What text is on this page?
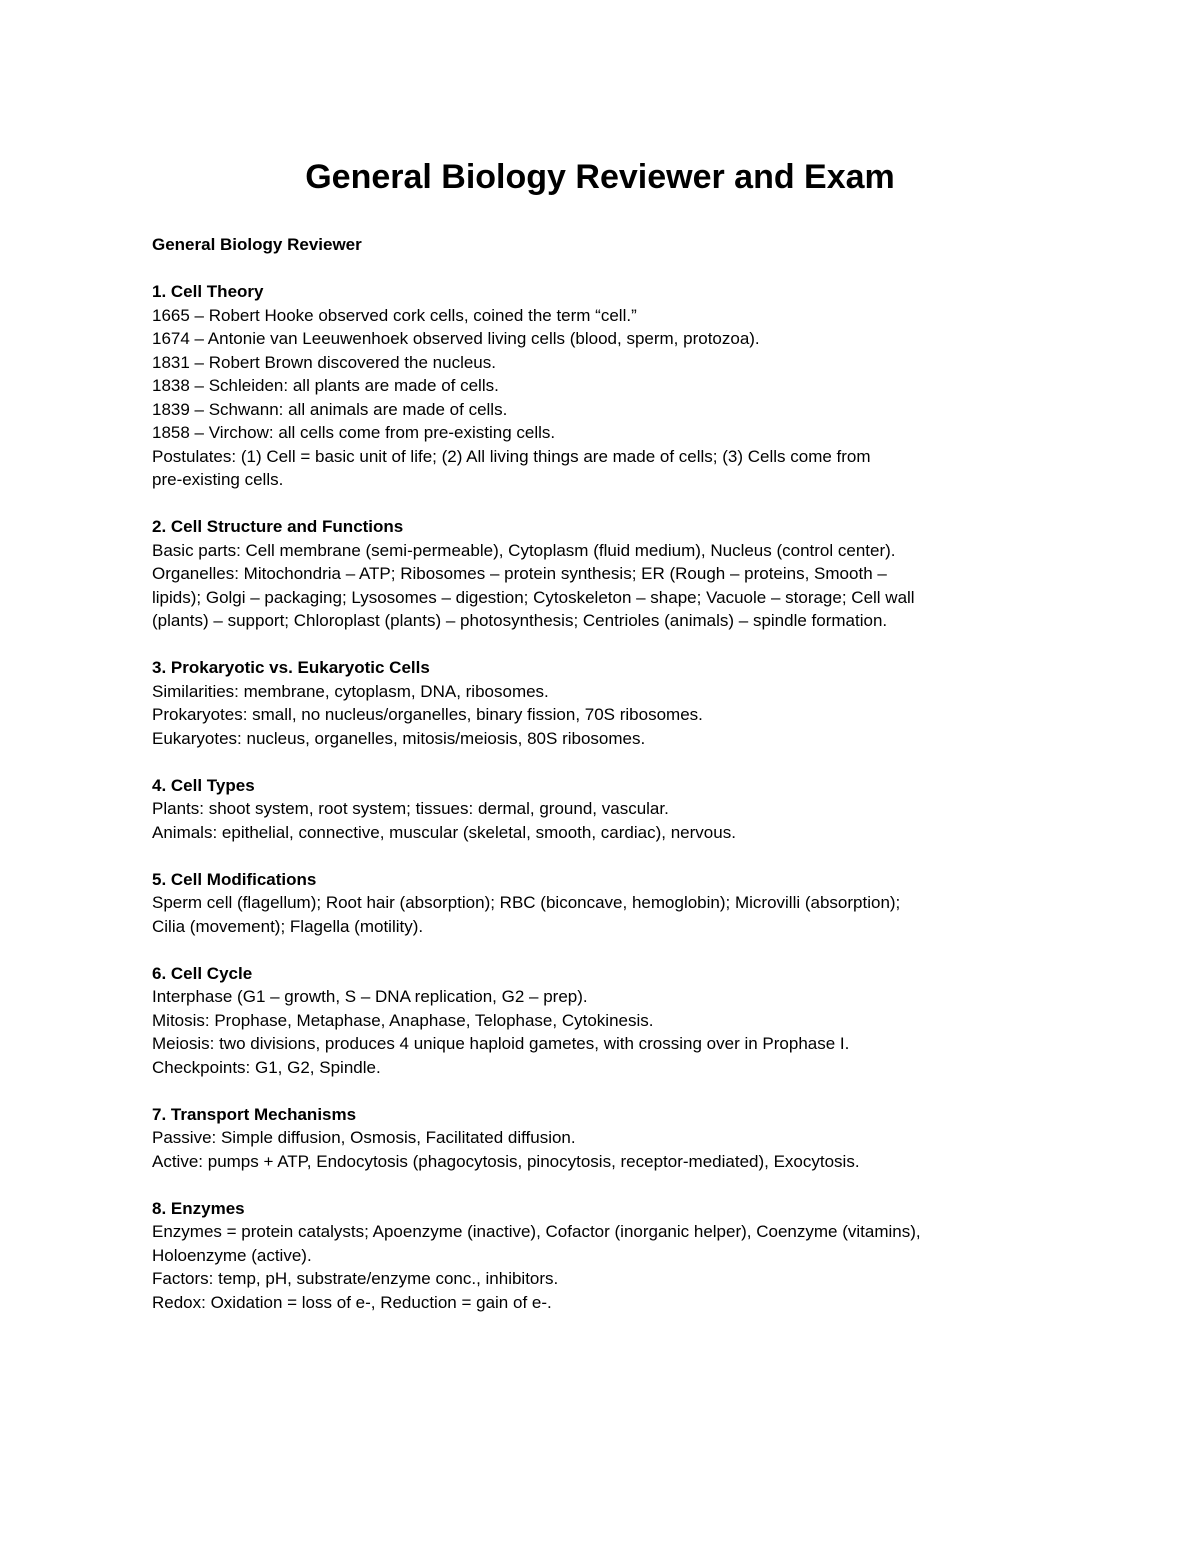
General Biology Reviewer and Exam

General Biology Reviewer

1. Cell Theory

1665 – Robert Hooke observed cork cells, coined the term “cell.”

1674 – Antonie van Leeuwenhoek observed living cells (blood, sperm, protozoa).

1831 – Robert Brown discovered the nucleus.

1838 – Schleiden: all plants are made of cells.

1839 – Schwann: all animals are made of cells.

1858 – Virchow: all cells come from pre-existing cells.

Postulates: (1) Cell = basic unit of life; (2) All living things are made of cells; (3) Cells come from

pre-existing cells.

2. Cell Structure and Functions

Basic parts: Cell membrane (semi-permeable), Cytoplasm (fluid medium), Nucleus (control center).

Organelles: Mitochondria – ATP; Ribosomes – protein synthesis; ER (Rough – proteins, Smooth –

lipids); Golgi – packaging; Lysosomes – digestion; Cytoskeleton – shape; Vacuole – storage; Cell wall

(plants) – support; Chloroplast (plants) – photosynthesis; Centrioles (animals) – spindle formation.

3. Prokaryotic vs. Eukaryotic Cells

Similarities: membrane, cytoplasm, DNA, ribosomes.

Prokaryotes: small, no nucleus/organelles, binary fission, 70S ribosomes.

Eukaryotes: nucleus, organelles, mitosis/meiosis, 80S ribosomes.

4. Cell Types

Plants: shoot system, root system; tissues: dermal, ground, vascular.

Animals: epithelial, connective, muscular (skeletal, smooth, cardiac), nervous.

5. Cell Modifications

Sperm cell (flagellum); Root hair (absorption); RBC (biconcave, hemoglobin); Microvilli (absorption);

Cilia (movement); Flagella (motility).

6. Cell Cycle

Interphase (G1 – growth, S – DNA replication, G2 – prep).

Mitosis: Prophase, Metaphase, Anaphase, Telophase, Cytokinesis.

Meiosis: two divisions, produces 4 unique haploid gametes, with crossing over in Prophase I.

Checkpoints: G1, G2, Spindle.

7. Transport Mechanisms

Passive: Simple diffusion, Osmosis, Facilitated diffusion.

Active: pumps + ATP, Endocytosis (phagocytosis, pinocytosis, receptor-mediated), Exocytosis.

8. Enzymes

Enzymes = protein catalysts; Apoenzyme (inactive), Cofactor (inorganic helper), Coenzyme (vitamins),

Holoenzyme (active).

Factors: temp, pH, substrate/enzyme conc., inhibitors.

Redox: Oxidation = loss of e-, Reduction = gain of e-.
